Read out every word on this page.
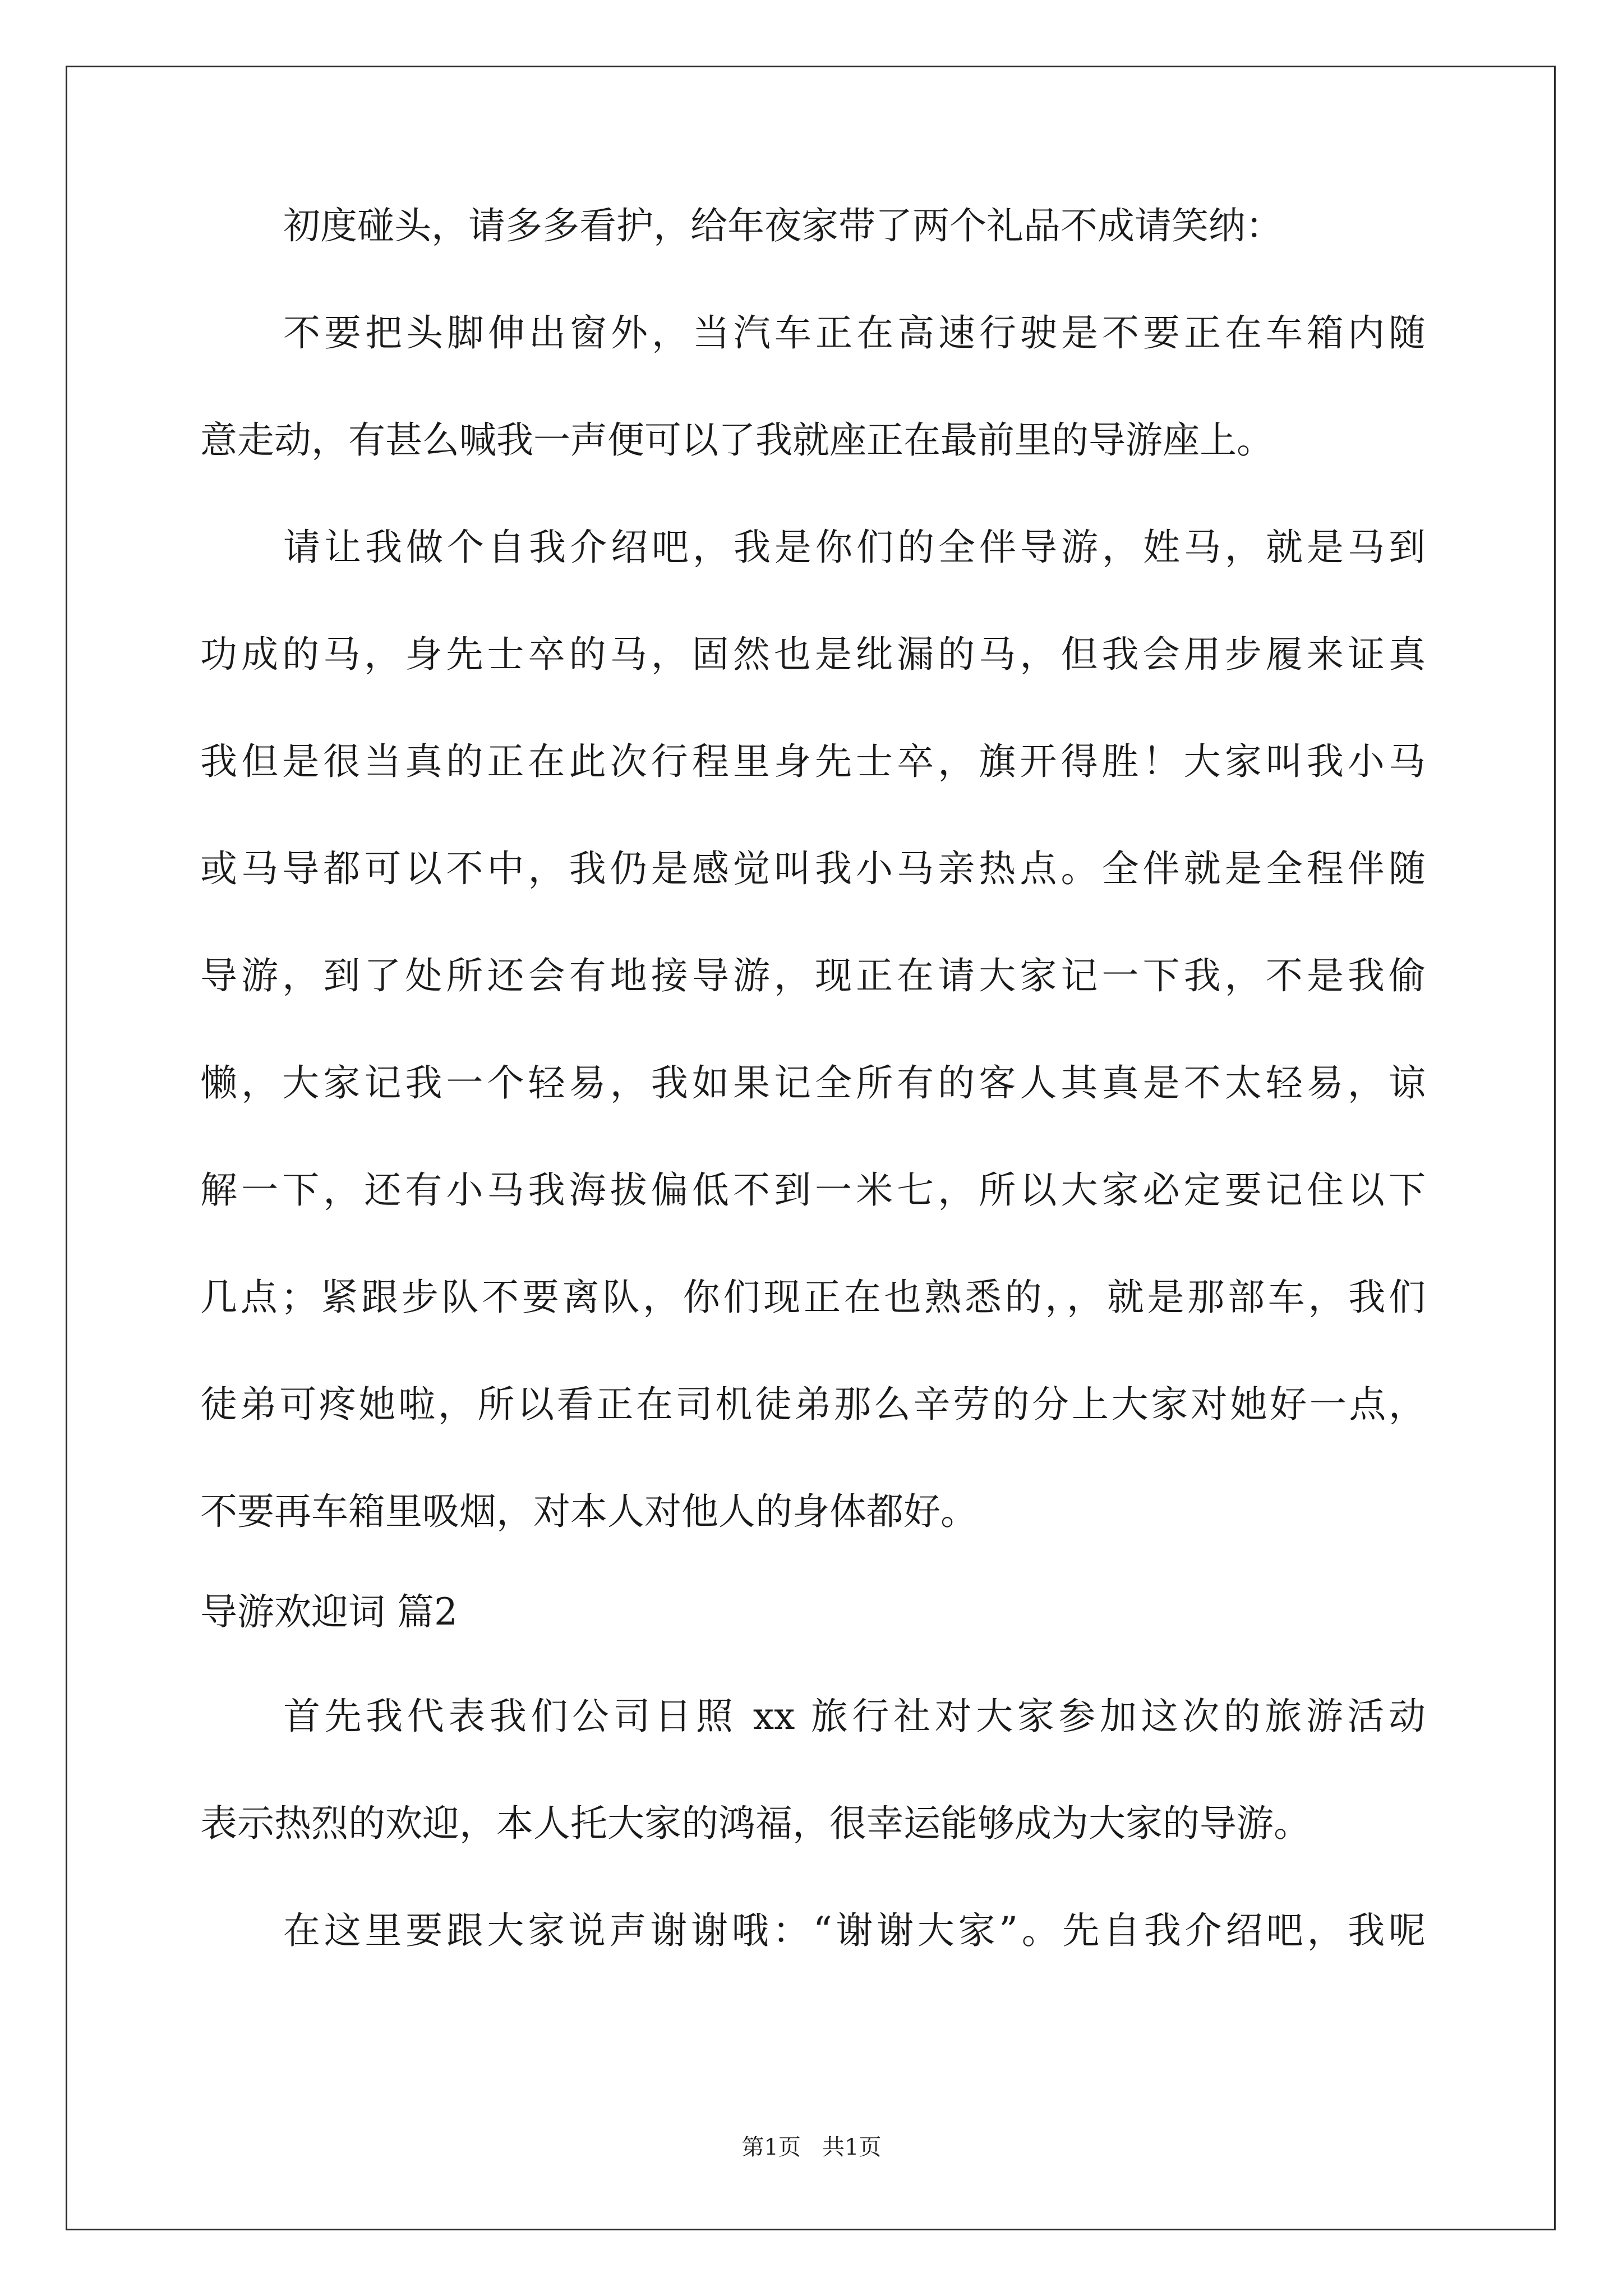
初度碰头，请多多看护，给年夜家带了两个礼品不成请笑纳：
不要把头脚伸出窗外，当汽车正在高速行驶是不要正在车箱内随
意走动，有甚么喊我一声便可以了我就座正在最前里的导游座上。
请让我做个自我介绍吧，我是你们的全伴导游，姓马，就是马到
功成的马，身先士卒的马，固然也是纰漏的马，但我会用步履来证真
我但是很当真的正在此次行程里身先士卒，旗开得胜！大家叫我小马
或马导都可以不中，我仍是感觉叫我小马亲热点。全伴就是全程伴随
导游，到了处所还会有地接导游，现正在请大家记一下我，不是我偷
懒，大家记我一个轻易，我如果记全所有的客人其真是不太轻易，谅
解一下，还有小马我海拔偏低不到一米七，所以大家必定要记住以下
几点；紧跟步队不要离队，你们现正在也熟悉的，，就是那部车，我们
徒弟可疼她啦，所以看正在司机徒弟那么辛劳的分上大家对她好一点，
不要再车箱里吸烟，对本人对他人的身体都好。
导游欢迎词 篇2
首先我代表我们公司日照 xx 旅行社对大家参加这次的旅游活动
表示热烈的欢迎，本人托大家的鸿福，很幸运能够成为大家的导游。
在这里要跟大家说声谢谢哦：“谢谢大家”。先自我介绍吧，我呢
第1页   共1页
